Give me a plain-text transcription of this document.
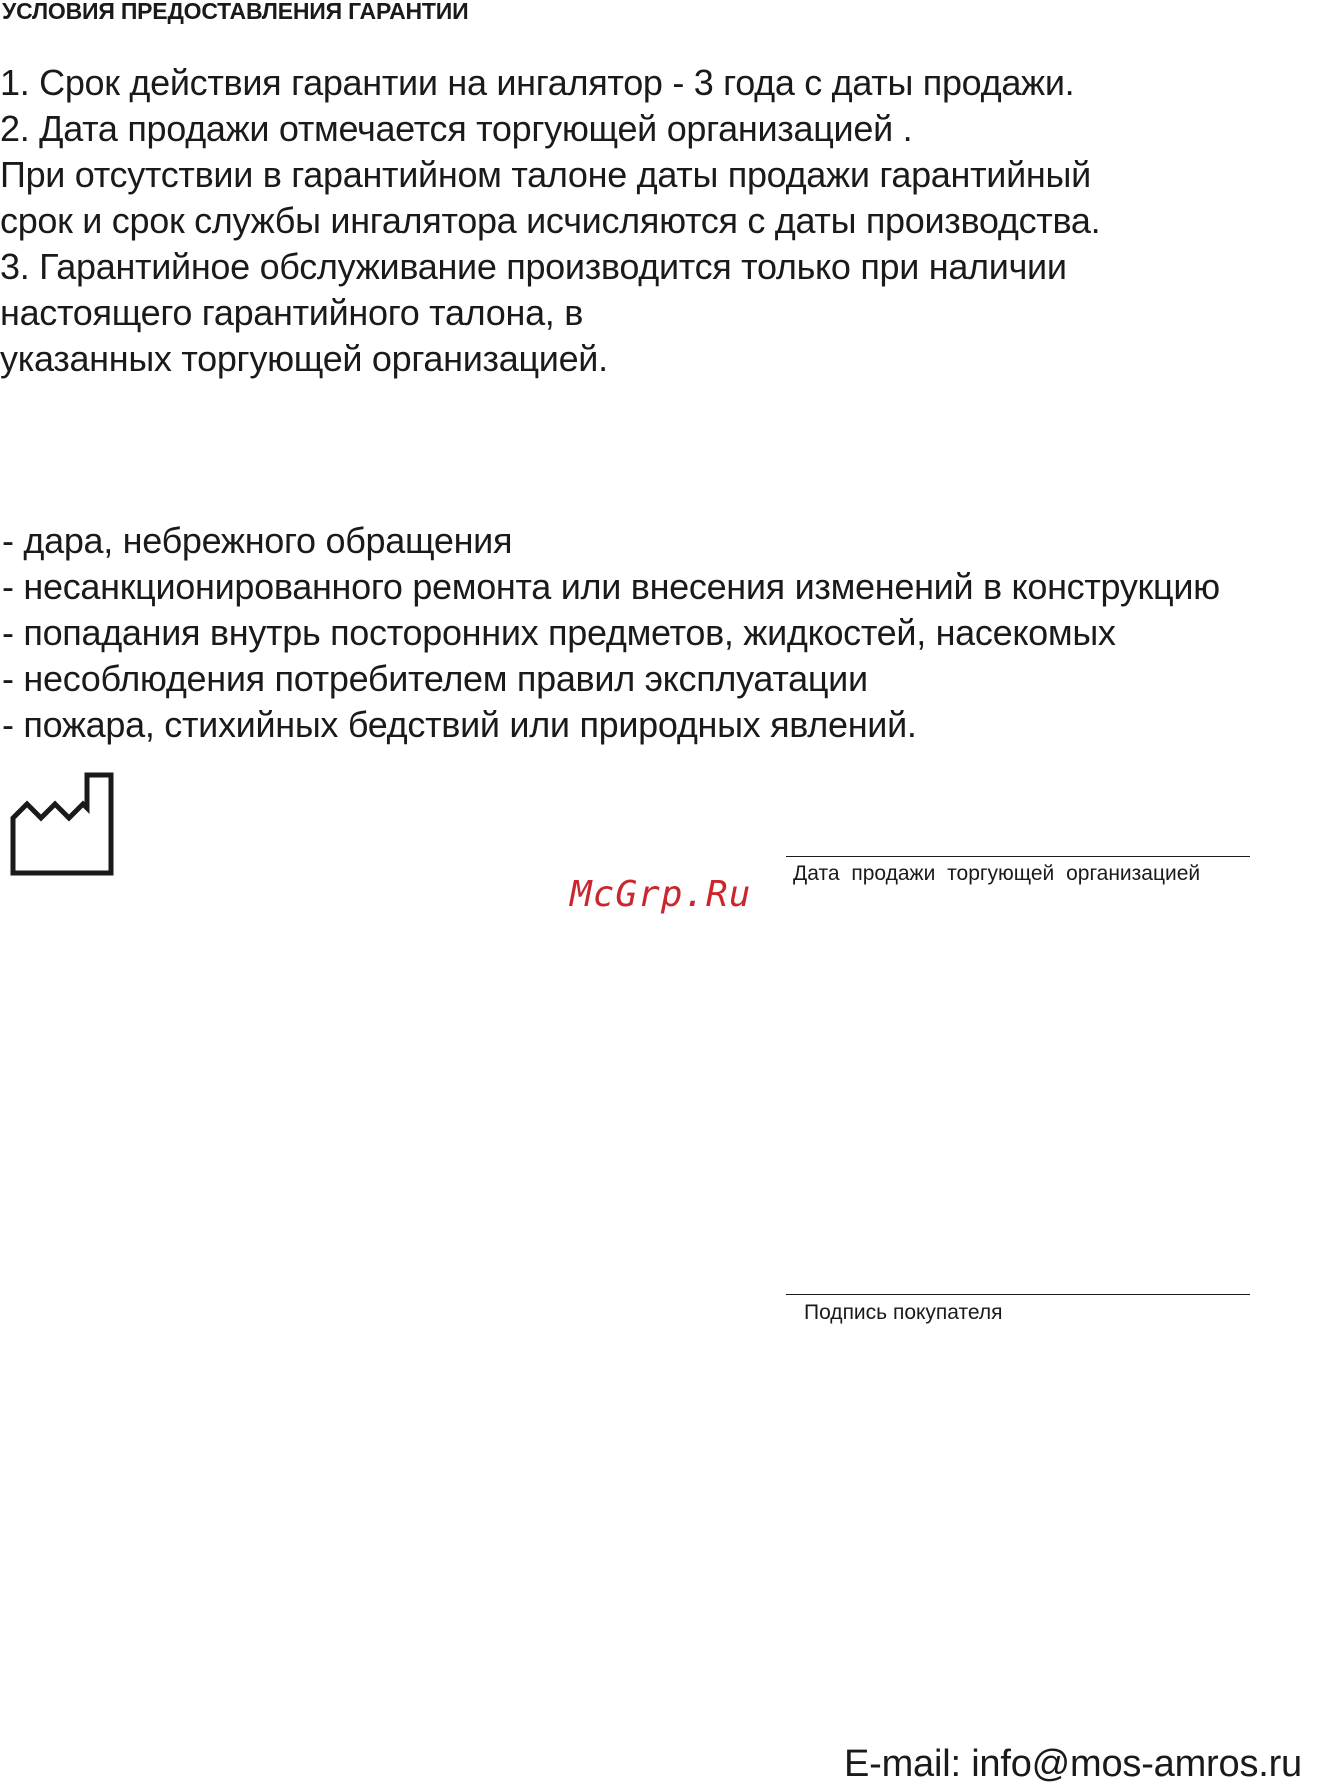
УСЛОВИЯ ПРЕДОСТАВЛЕНИЯ ГАРАНТИИ
1. Срок действия гарантии на ингалятор - 3 года с даты продажи.
2. Дата продажи отмечается торгующей организацией .
При отсутствии в гарантийном талоне даты продажи гарантийный
срок и срок службы ингалятора исчисляются с даты производства.
3. Гарантийное обслуживание производится только при наличии
настоящего гарантийного талона, в
указанных торгующей организацией.
- дара, небрежного обращения
- несанкционированного ремонта или внесения изменений в конструкцию
- попадания внутрь посторонних предметов, жидкостей, насекомых
- несоблюдения потребителем правил эксплуатации
- пожара, стихийных бедствий или природных явлений.
McGrp.Ru
Дата продажи торгующей организацией
Подпись покупателя
E-mail: info@mos-amros.ru
